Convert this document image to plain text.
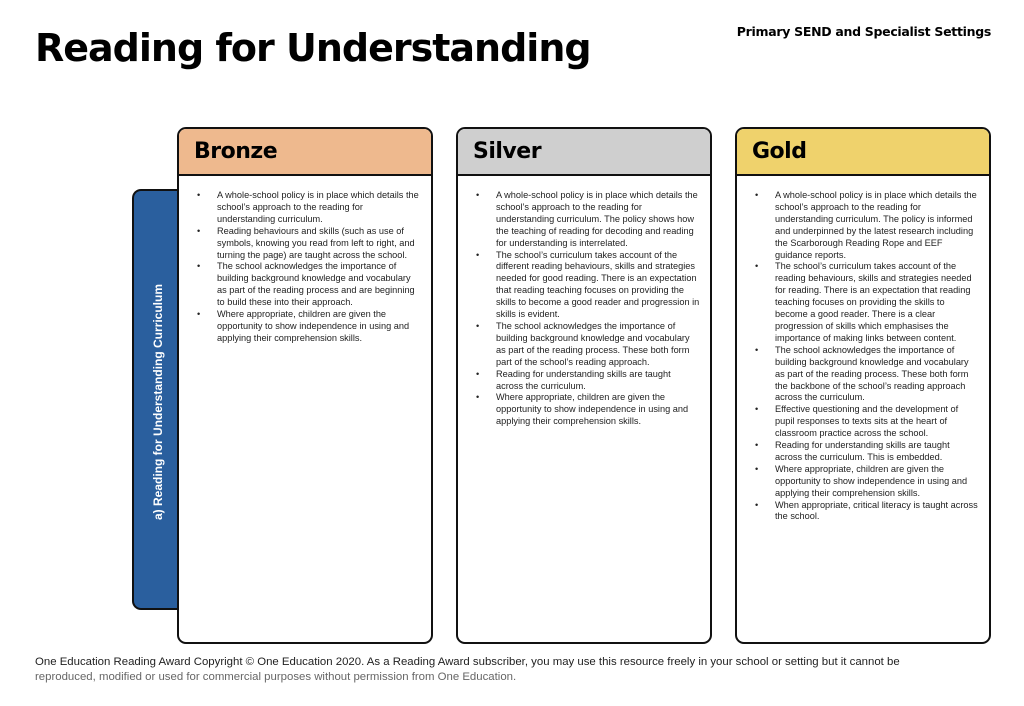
Reading for Understanding	Primary SEND and Specialist Settings
a) Reading for Understanding Curriculum
Bronze
• A whole-school policy is in place which details the school’s approach to the reading for understanding curriculum.
• Reading behaviours and skills (such as use of symbols, knowing you read from left to right, and turning the page) are taught across the school.
• The school acknowledges the importance of building background knowledge and vocabulary as part of the reading process and are beginning to build these into their approach.
• Where appropriate, children are given the opportunity to show independence in using and applying their comprehension skills.
Silver
• A whole-school policy is in place which details the school’s approach to the reading for understanding curriculum. The policy shows how the teaching of reading for decoding and reading for understanding is interrelated.
• The school’s curriculum takes account of the different reading behaviours, skills and strategies needed for good reading. There is an expectation that reading teaching focuses on providing the skills to become a good reader and progression in skills is evident.
• The school acknowledges the importance of building background knowledge and vocabulary as part of the reading process. These both form part of the school’s reading approach.
• Reading for understanding skills are taught across the curriculum.
• Where appropriate, children are given the opportunity to show independence in using and applying their comprehension skills.
Gold
• A whole-school policy is in place which details the school’s approach to the reading for understanding curriculum. The policy is informed and underpinned by the latest research including the Scarborough Reading Rope and EEF guidance reports.
• The school’s curriculum takes account of the reading behaviours, skills and strategies needed for reading. There is an expectation that reading teaching focuses on providing the skills to become a good reader. There is a clear progression of skills which emphasises the importance of making links between content.
• The school acknowledges the importance of building background knowledge and vocabulary as part of the reading process. These both form the backbone of the school’s reading approach across the curriculum.
• Effective questioning and the development of pupil responses to texts sits at the heart of classroom practice across the school.
• Reading for understanding skills are taught across the curriculum. This is embedded.
• Where appropriate, children are given the opportunity to show independence in using and applying their comprehension skills.
• When appropriate, critical literacy is taught across the school.
One Education Reading Award Copyright © One Education 2020. As a Reading Award subscriber, you may use this resource freely in your school or setting but it cannot be
reproduced, modified or used for commercial purposes without permission from One Education.
